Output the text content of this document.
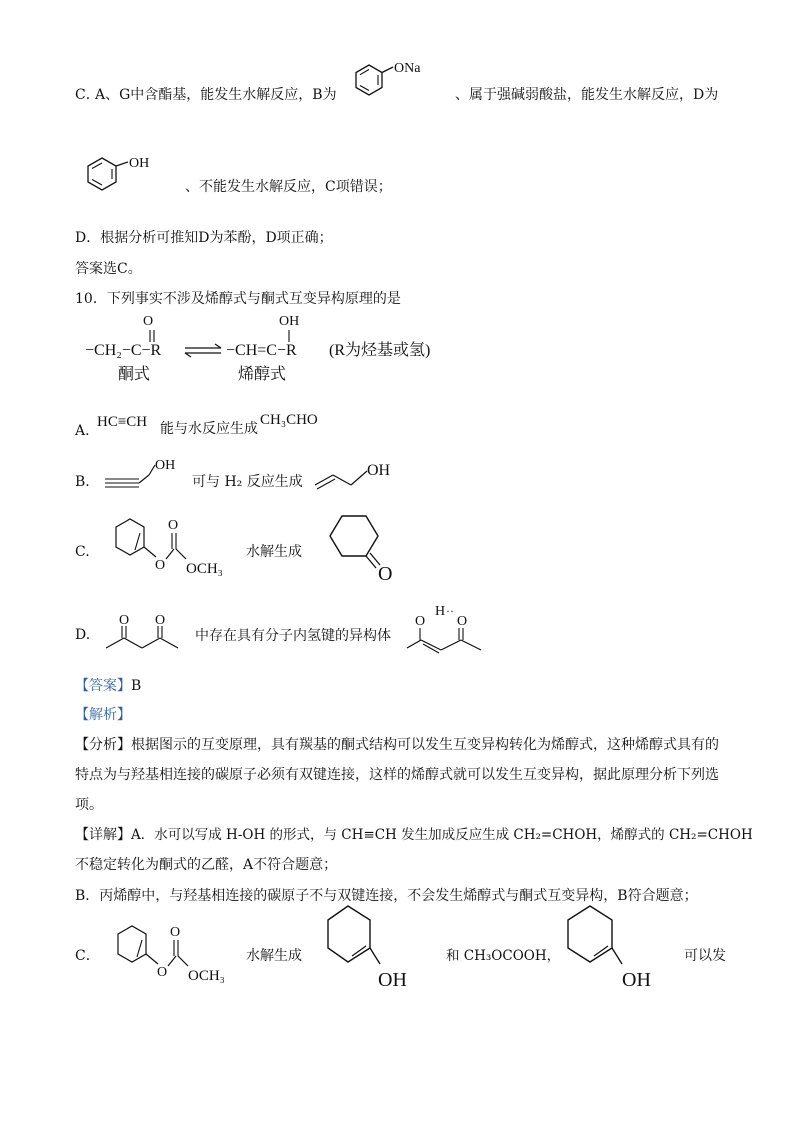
C．
A、G中含酯基，能发生水解反应，B为
ONa
、属于强碱弱酸盐，能发生水解反应，D为
OH
、不能发生水解反应，C项错误；
D．根据分析可推知D为苯酚，D项正确；
答案选C。
10．下列事实不涉及烯醇式与酮式互变异构原理的是
O
−CH₂−C−R ⇌
OH
−CH=C−R (R为烃基或氢)
酮式	烯醇式
A.
HC≡CH 能与水反应生成
CH₃CHO
B.
OH
可与 H₂ 反应生成
OH
C.
O
O
OCH₃
水解生成
O
D.
O O
中存在具有分子内氢键的异构体
O
H ··
O
【答案】 B
【解析】
【分析】 根据图示的互变原理，具有羰基的酮式结构可以发生互变异构转化为烯醇式，这种烯醇式具有的
特点为与羟基相连接的碳原子必须有双键连接，这样的烯醇式就可以发生互变异构，据此原理分析下列选
项。
【详解】 A．水可以写成 H-OH 的形式，与 CH≡CH 发生加成反应生成 CH₂=CHOH，烯醇式的 CH₂=CHOH
不稳定转化为酮式的乙醛，A不符合题意；
B．丙烯醇中，与羟基相连接的碳原子不与双键连接，不会发生烯醇式与酮式互变异构，B符合题意；
C．
O
O
OCH₃
水解生成
OH
和 CH₃OCOOH，
OH
可以发
